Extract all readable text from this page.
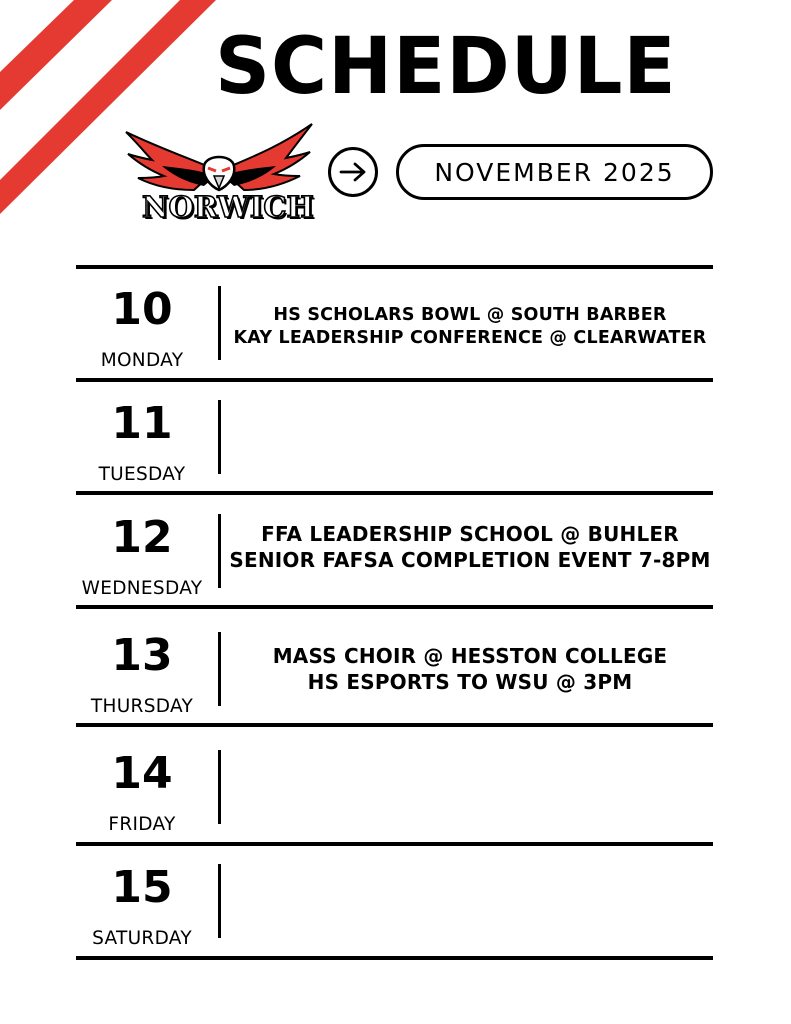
SCHEDULE
NORWICH
NOVEMBER 2025
10
MONDAY
HS SCHOLARS BOWL @ SOUTH BARBER
KAY LEADERSHIP CONFERENCE @ CLEARWATER
11
TUESDAY
12
WEDNESDAY
FFA LEADERSHIP SCHOOL @ BUHLER
SENIOR FAFSA COMPLETION EVENT 7-8PM
13
THURSDAY
MASS CHOIR @ HESSTON COLLEGE
HS ESPORTS TO WSU @ 3PM
14
FRIDAY
15
SATURDAY
